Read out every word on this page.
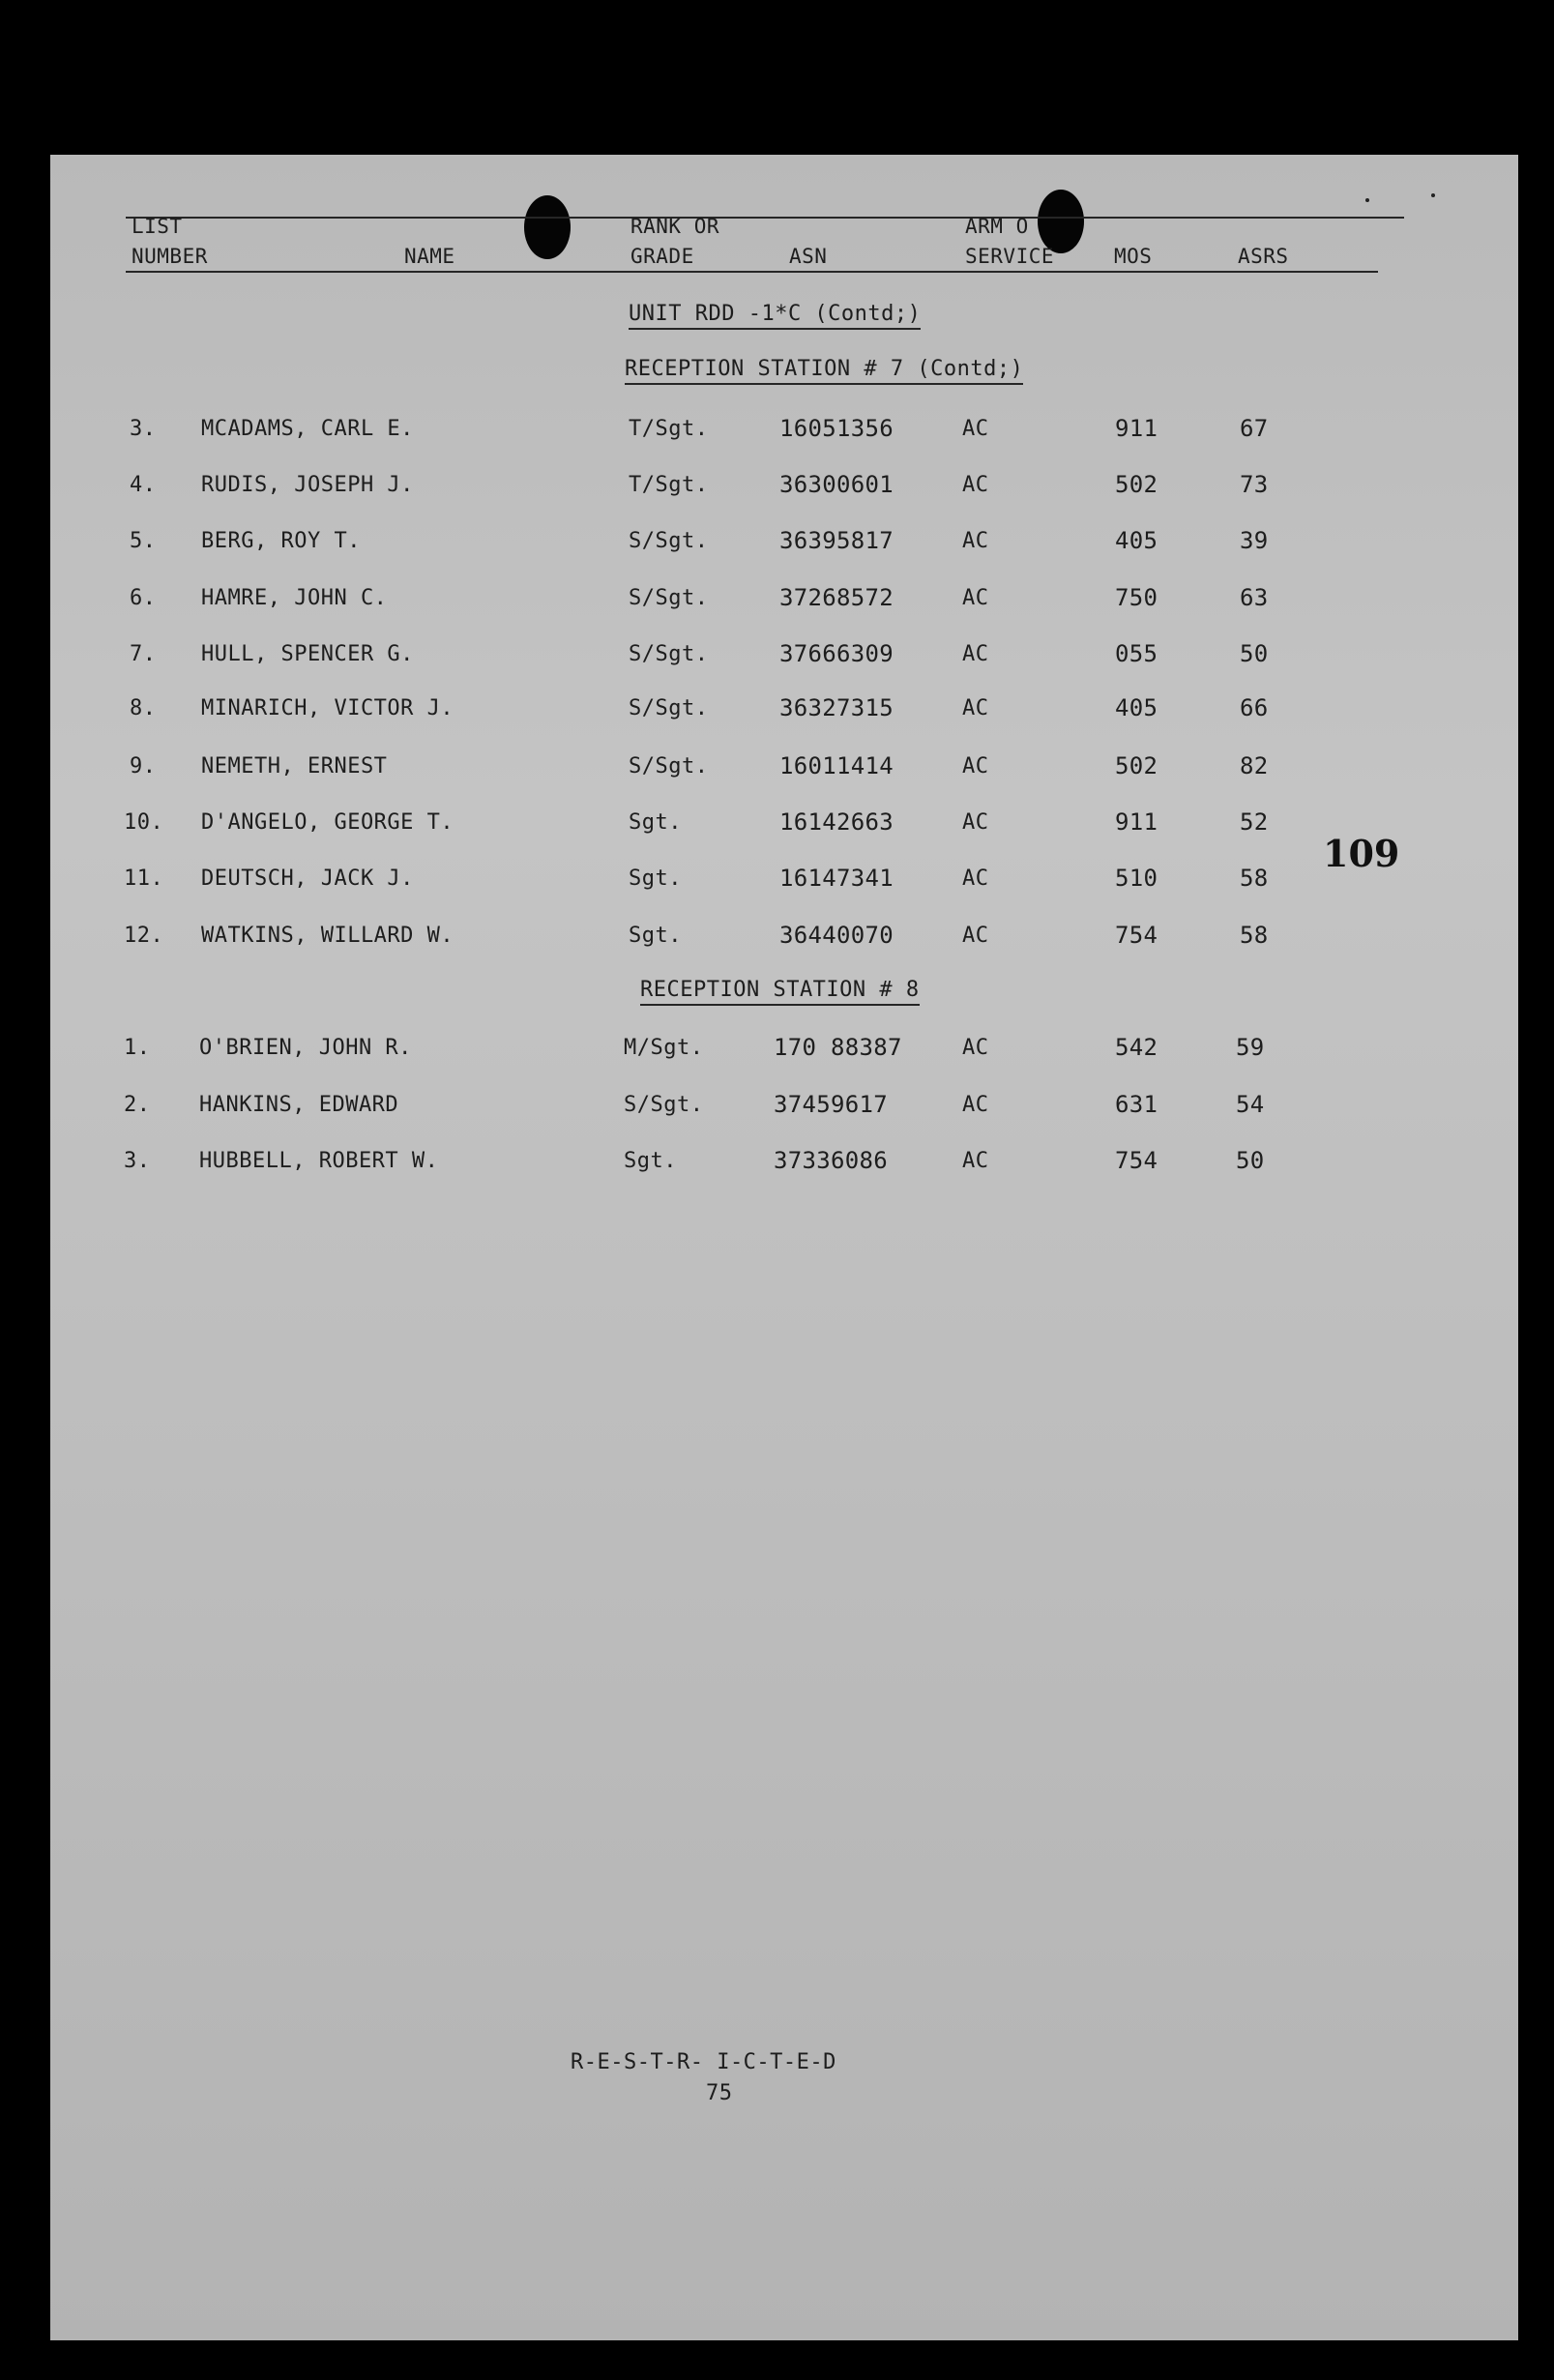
LIST
NUMBER	NAME
RANK OR
GRADE	ASN
ARM O
SERVICE	MOS	ASRS
UNIT RDD -1*C (Contd;)
RECEPTION STATION # 7 (Contd;)
3. MCADAMS, CARL E.	T/Sgt.	16051356	AC	911	67
4. RUDIS, JOSEPH J.	T/Sgt.	36300601	AC	502	73
5. BERG, ROY T.	S/Sgt.	36395817	AC	405	39
6. HAMRE, JOHN C.	S/Sgt.	37268572	AC	750	63
7. HULL, SPENCER G.	S/Sgt.	37666309	AC	055	50
8. MINARICH, VICTOR J.	S/Sgt.	36327315	AC	405	66
9. NEMETH, ERNEST	S/Sgt.	16011414	AC	502	82
10. D'ANGELO, GEORGE T.	Sgt.	16142663	AC	911	52
11. DEUTSCH, JACK J.	Sgt.	16147341	AC	510	58
12. WATKINS, WILLARD W.	Sgt.	36440070	AC	754	58
RECEPTION STATION # 8
1. O'BRIEN, JOHN R.	M/Sgt.	170 88387	AC	542	59
2. HANKINS, EDWARD	S/Sgt.	37459617	AC	631	54
3. HUBBELL, ROBERT W.	Sgt.	37336086	AC	754	50
109
R-E-S-T-R- I-C-T-E-D
75
